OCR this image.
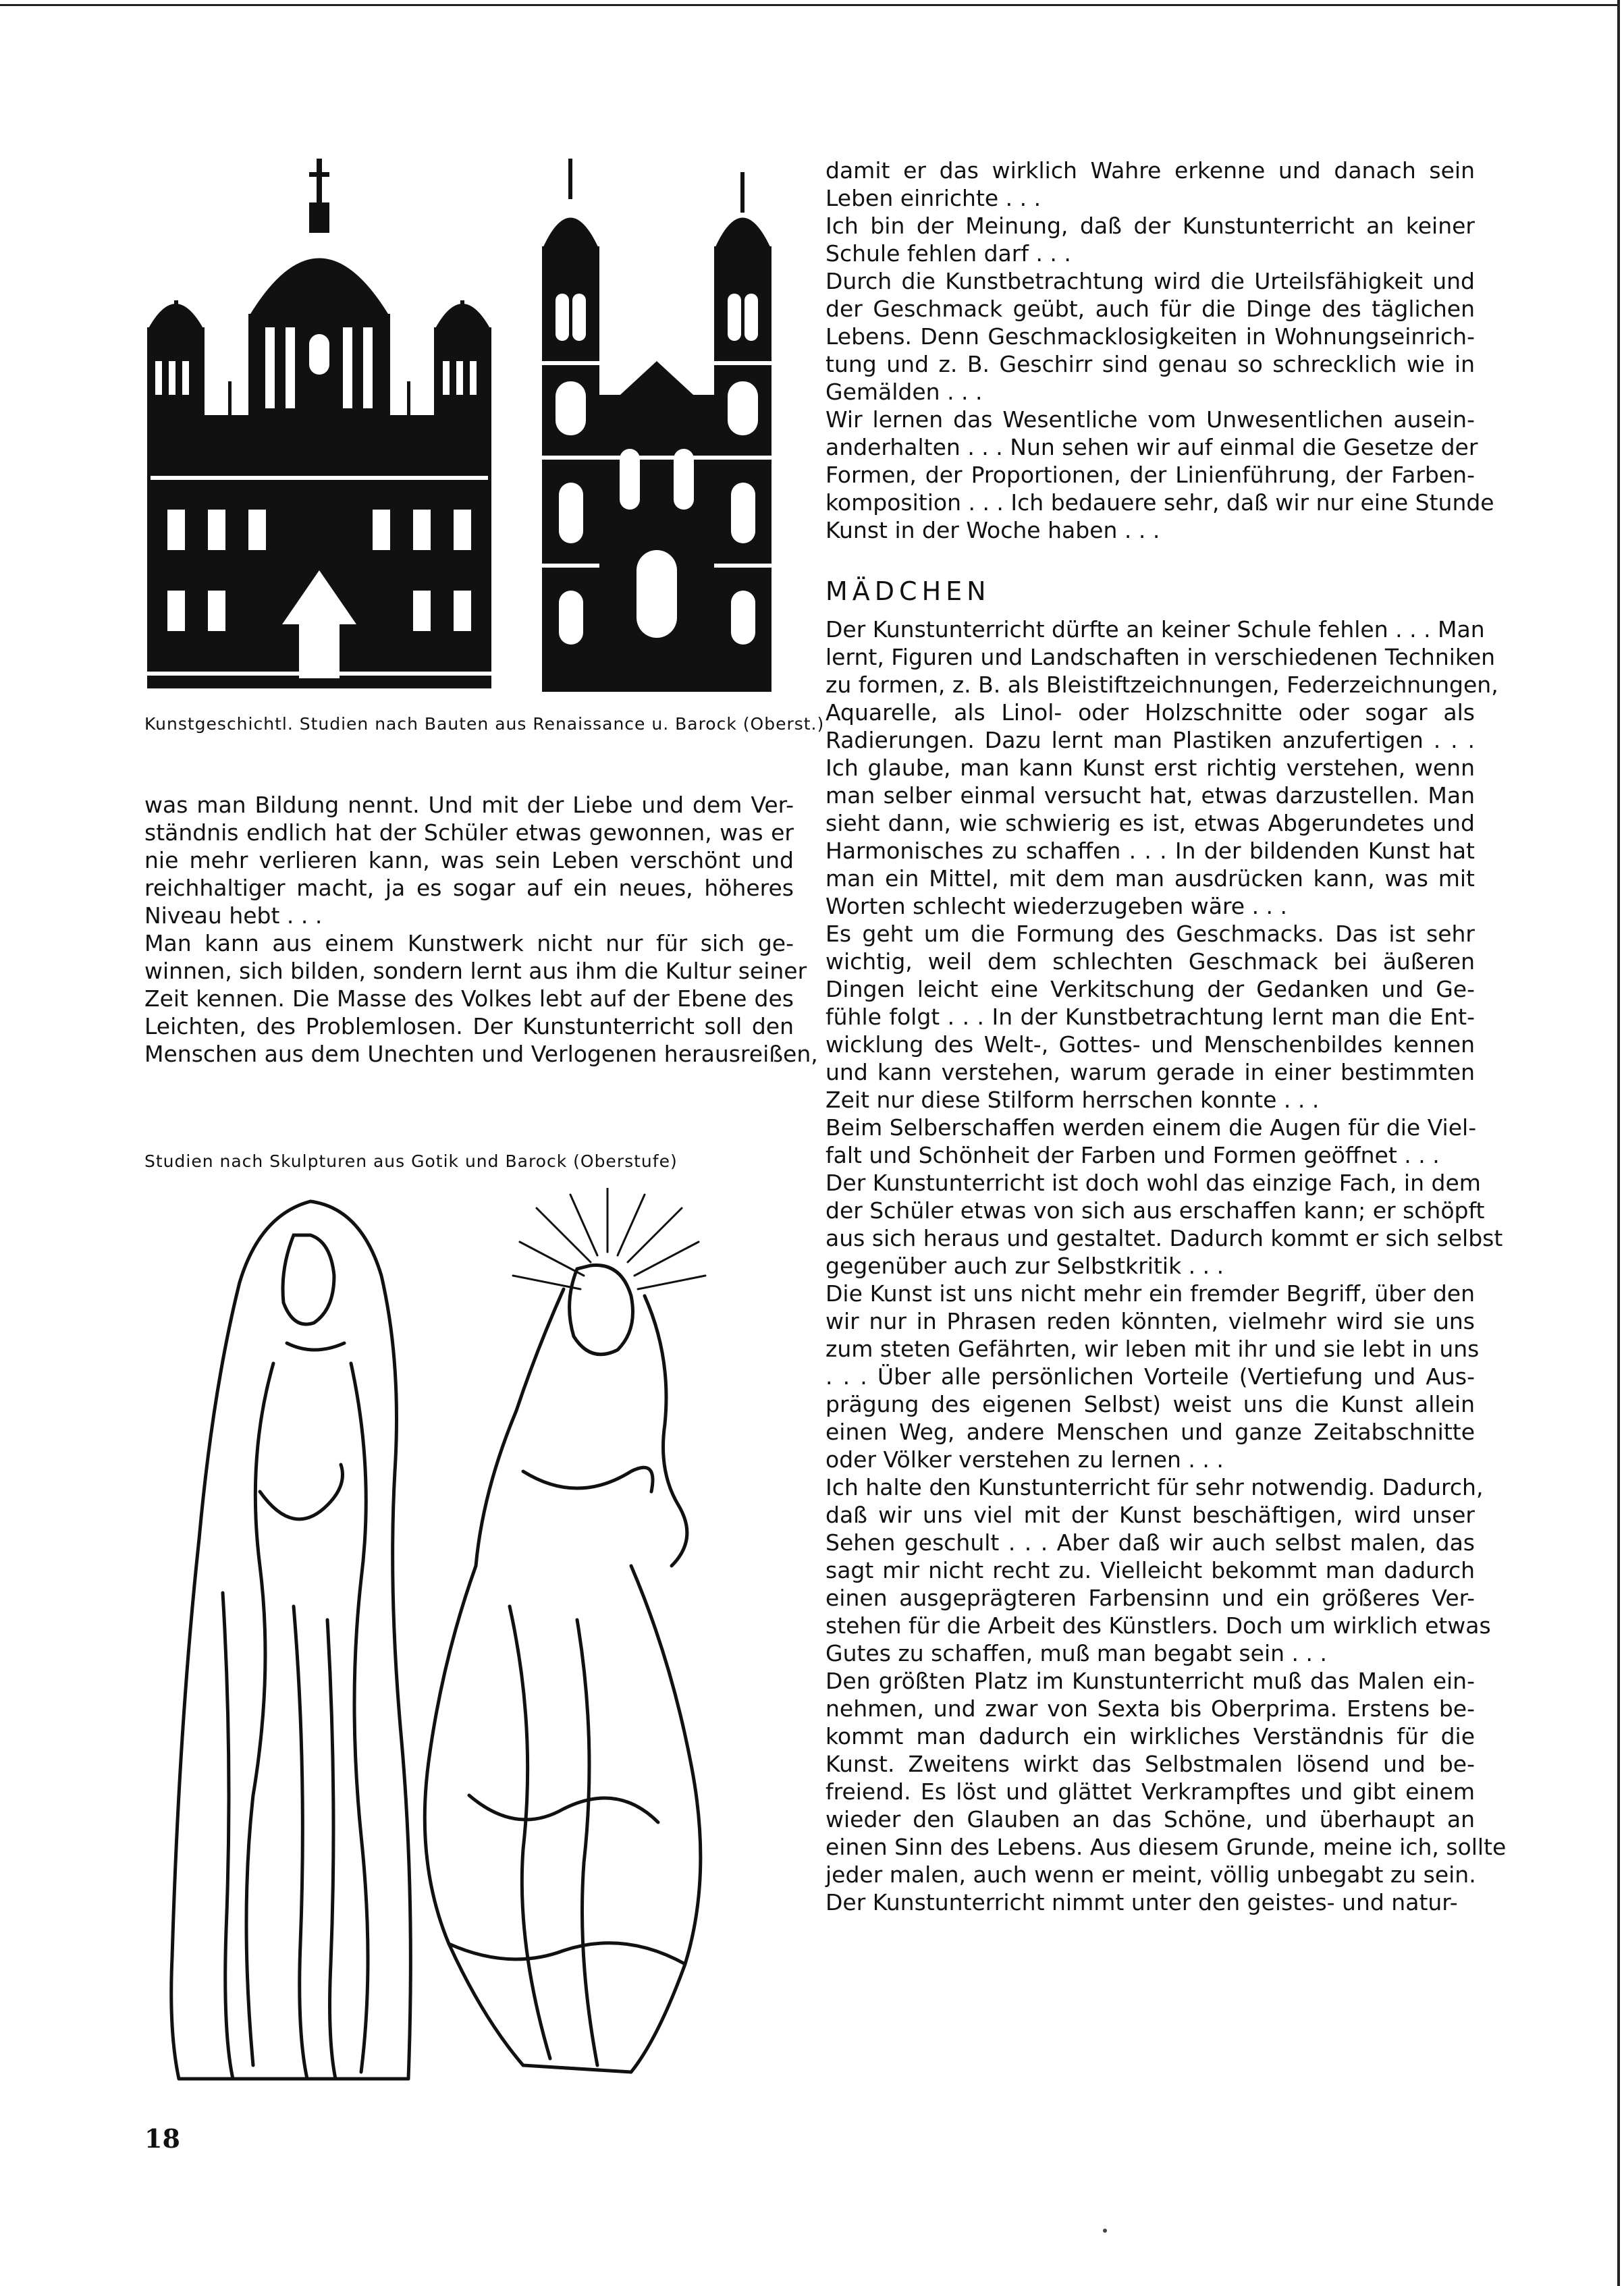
Kunstgeschichtl. Studien nach Bauten aus Renaissance u. Barock (Oberst.)
was man Bildung nennt. Und mit der Liebe und dem Ver-
ständnis endlich hat der Schüler etwas gewonnen, was er
nie mehr verlieren kann, was sein Leben verschönt und
reichhaltiger macht, ja es sogar auf ein neues, höheres
Niveau hebt . . .
Man kann aus einem Kunstwerk nicht nur für sich ge-
winnen, sich bilden, sondern lernt aus ihm die Kultur seiner
Zeit kennen. Die Masse des Volkes lebt auf der Ebene des
Leichten, des Problemlosen. Der Kunstunterricht soll den
Menschen aus dem Unechten und Verlogenen herausreißen,
Studien nach Skulpturen aus Gotik und Barock (Oberstufe)
18
damit er das wirklich Wahre erkenne und danach sein
Leben einrichte . . .
Ich bin der Meinung, daß der Kunstunterricht an keiner
Schule fehlen darf . . .
Durch die Kunstbetrachtung wird die Urteilsfähigkeit und
der Geschmack geübt, auch für die Dinge des täglichen
Lebens. Denn Geschmacklosigkeiten in Wohnungseinrich-
tung und z. B. Geschirr sind genau so schrecklich wie in
Gemälden . . .
Wir lernen das Wesentliche vom Unwesentlichen ausein-
anderhalten . . . Nun sehen wir auf einmal die Gesetze der
Formen, der Proportionen, der Linienführung, der Farben-
komposition . . . Ich bedauere sehr, daß wir nur eine Stunde
Kunst in der Woche haben . . .
MÄDCHEN
Der Kunstunterricht dürfte an keiner Schule fehlen . . . Man
lernt, Figuren und Landschaften in verschiedenen Techniken
zu formen, z. B. als Bleistiftzeichnungen, Federzeichnungen,
Aquarelle, als Linol- oder Holzschnitte oder sogar als
Radierungen. Dazu lernt man Plastiken anzufertigen . . .
Ich glaube, man kann Kunst erst richtig verstehen, wenn
man selber einmal versucht hat, etwas darzustellen. Man
sieht dann, wie schwierig es ist, etwas Abgerundetes und
Harmonisches zu schaffen . . . In der bildenden Kunst hat
man ein Mittel, mit dem man ausdrücken kann, was mit
Worten schlecht wiederzugeben wäre . . .
Es geht um die Formung des Geschmacks. Das ist sehr
wichtig, weil dem schlechten Geschmack bei äußeren
Dingen leicht eine Verkitschung der Gedanken und Ge-
fühle folgt . . . In der Kunstbetrachtung lernt man die Ent-
wicklung des Welt-, Gottes- und Menschenbildes kennen
und kann verstehen, warum gerade in einer bestimmten
Zeit nur diese Stilform herrschen konnte . . .
Beim Selberschaffen werden einem die Augen für die Viel-
falt und Schönheit der Farben und Formen geöffnet . . .
Der Kunstunterricht ist doch wohl das einzige Fach, in dem
der Schüler etwas von sich aus erschaffen kann; er schöpft
aus sich heraus und gestaltet. Dadurch kommt er sich selbst
gegenüber auch zur Selbstkritik . . .
Die Kunst ist uns nicht mehr ein fremder Begriff, über den
wir nur in Phrasen reden könnten, vielmehr wird sie uns
zum steten Gefährten, wir leben mit ihr und sie lebt in uns
. . . Über alle persönlichen Vorteile (Vertiefung und Aus-
prägung des eigenen Selbst) weist uns die Kunst allein
einen Weg, andere Menschen und ganze Zeitabschnitte
oder Völker verstehen zu lernen . . .
Ich halte den Kunstunterricht für sehr notwendig. Dadurch,
daß wir uns viel mit der Kunst beschäftigen, wird unser
Sehen geschult . . . Aber daß wir auch selbst malen, das
sagt mir nicht recht zu. Vielleicht bekommt man dadurch
einen ausgeprägteren Farbensinn und ein größeres Ver-
stehen für die Arbeit des Künstlers. Doch um wirklich etwas
Gutes zu schaffen, muß man begabt sein . . .
Den größten Platz im Kunstunterricht muß das Malen ein-
nehmen, und zwar von Sexta bis Oberprima. Erstens be-
kommt man dadurch ein wirkliches Verständnis für die
Kunst. Zweitens wirkt das Selbstmalen lösend und be-
freiend. Es löst und glättet Verkrampftes und gibt einem
wieder den Glauben an das Schöne, und überhaupt an
einen Sinn des Lebens. Aus diesem Grunde, meine ich, sollte
jeder malen, auch wenn er meint, völlig unbegabt zu sein.
Der Kunstunterricht nimmt unter den geistes- und natur-
